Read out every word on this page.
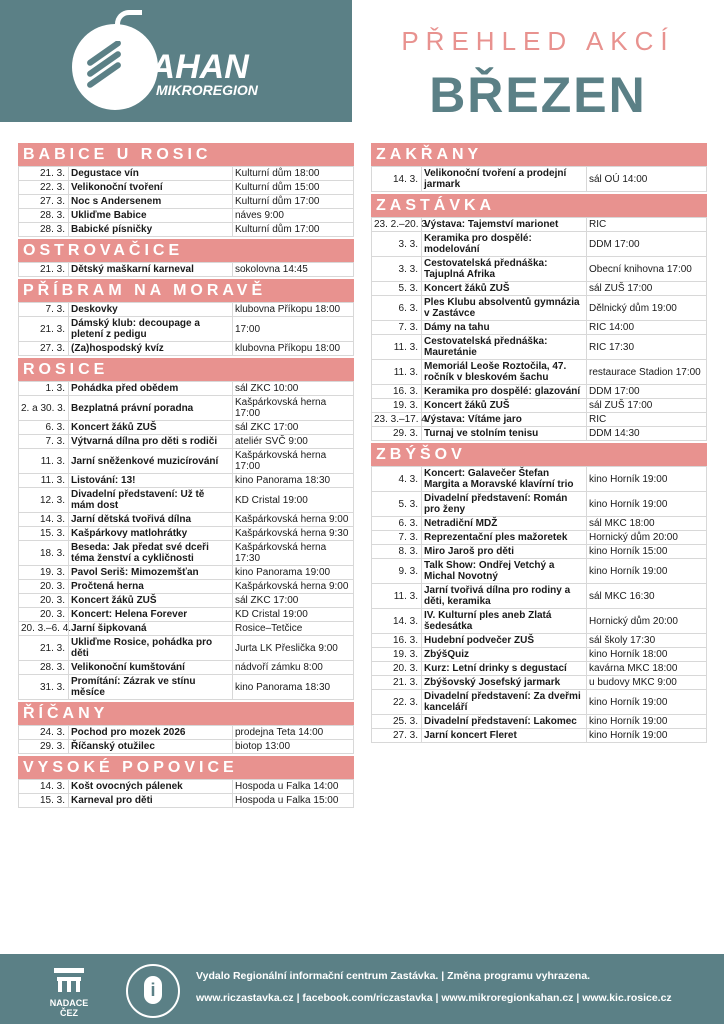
KAHAN
MIKROREGION
PŘEHLED AKCÍ
BŘEZEN
BABICE U ROSIC
21. 3.	Degustace vín	Kulturní dům 18:00
22. 3.	Velikonoční tvoření	Kulturní dům 15:00
27. 3.	Noc s Andersenem	Kulturní dům 17:00
28. 3.	Ukliďme Babice	náves 9:00
28. 3.	Babické písničky	Kulturní dům 17:00
OSTROVAČICE
21. 3.	Dětský maškarní karneval	sokolovna 14:45
PŘÍBRAM NA MORAVĚ
7. 3.	Deskovky	klubovna Příkopu 18:00
21. 3.	Dámský klub: decoupage a pletení z pedigu	17:00
27. 3.	(Za)hospodský kvíz	klubovna Příkopu 18:00
ROSICE
1. 3.	Pohádka před obědem	sál ZKC 10:00
2. a 30. 3.	Bezplatná právní poradna	Kašpárkovská herna 17:00
6. 3.	Koncert žáků ZUŠ	sál ZKC 17:00
7. 3.	Výtvarná dílna pro děti s rodiči	ateliér SVČ 9:00
11. 3.	Jarní sněženkové muzicírování	Kašpárkovská herna 17:00
11. 3.	Listování: 13!	kino Panorama 18:30
12. 3.	Divadelní představení: Už tě mám dost	KD Cristal 19:00
14. 3.	Jarní dětská tvořivá dílna	Kašpárkovská herna 9:00
15. 3.	Kašpárkovy matlohrátky	Kašpárkovská herna 9:30
18. 3.	Beseda: Jak předat své dceři téma ženství a cykličnosti	Kašpárkovská herna 17:30
19. 3.	Pavol Seriš: Mimozemšťan	kino Panorama 19:00
20. 3.	Pročtená herna	Kašpárkovská herna 9:00
20. 3.	Koncert žáků ZUŠ	sál ZKC 17:00
20. 3.	Koncert: Helena Forever	KD Cristal 19:00
20. 3.–6. 4.	Jarní šipkovaná	Rosice–Tetčice
21. 3.	Ukliďme Rosice, pohádka pro děti	Jurta LK Přeslička 9:00
28. 3.	Velikonoční kumštování	nádvoří zámku 8:00
31. 3.	Promítání: Zázrak ve stínu měsíce	kino Panorama 18:30
ŘÍČANY
24. 3.	Pochod pro mozek 2026	prodejna Teta 14:00
29. 3.	Říčanský otužilec	biotop 13:00
VYSOKÉ POPOVICE
14. 3.	Košt ovocných pálenek	Hospoda u Falka 14:00
15. 3.	Karneval pro děti	Hospoda u Falka 15:00
ZAKŘANY
14. 3.	Velikonoční tvoření a prodejní jarmark	sál OÚ 14:00
ZASTÁVKA
23. 2.–20. 3.	Výstava: Tajemství marionet	RIC
3. 3.	Keramika pro dospělé: modelování	DDM 17:00
3. 3.	Cestovatelská přednáška: Tajuplná Afrika	Obecní knihovna 17:00
5. 3.	Koncert žáků ZUŠ	sál ZUŠ 17:00
6. 3.	Ples Klubu absolventů gymnázia v Zastávce	Dělnický dům 19:00
7. 3.	Dámy na tahu	RIC 14:00
11. 3.	Cestovatelská přednáška: Mauretánie	RIC 17:30
11. 3.	Memoriál Leoše Roztočila, 47. ročník v bleskovém šachu	restaurace Stadion 17:00
16. 3.	Keramika pro dospělé: glazování	DDM 17:00
19. 3.	Koncert žáků ZUŠ	sál ZUŠ 17:00
23. 3.–17. 4.	Výstava: Vítáme jaro	RIC
29. 3.	Turnaj ve stolním tenisu	DDM 14:30
ZBÝŠOV
4. 3.	Koncert: Galavečer Štefan Margita a Moravské klavírní trio	kino Horník 19:00
5. 3.	Divadelní představení: Román pro ženy	kino Horník 19:00
6. 3.	Netradiční MDŽ	sál MKC 18:00
7. 3.	Reprezentační ples mažoretek	Hornický dům 20:00
8. 3.	Miro Jaroš pro děti	kino Horník 15:00
9. 3.	Talk Show: Ondřej Vetchý a Michal Novotný	kino Horník 19:00
11. 3.	Jarní tvořivá dílna pro rodiny a děti, keramika	sál MKC 16:30
14. 3.	IV. Kulturní ples aneb Zlatá šedesátka	Hornický dům 20:00
16. 3.	Hudební podvečer ZUŠ	sál školy 17:30
19. 3.	ZbýšQuiz	kino Horník 18:00
20. 3.	Kurz: Letní drinky s degustací	kavárna MKC 18:00
21. 3.	Zbýšovský Josefský jarmark	u budovy MKC 9:00
22. 3.	Divadelní představení: Za dveřmi kanceláří	kino Horník 19:00
25. 3.	Divadelní představení: Lakomec	kino Horník 19:00
27. 3.	Jarní koncert Fleret	kino Horník 19:00
NADACE ČEZ
i
Vydalo Regionální informační centrum Zastávka. | Změna programu vyhrazena.
www.riczastavka.cz | facebook.com/riczastavka | www.mikroregionkahan.cz | www.kic.rosice.cz
